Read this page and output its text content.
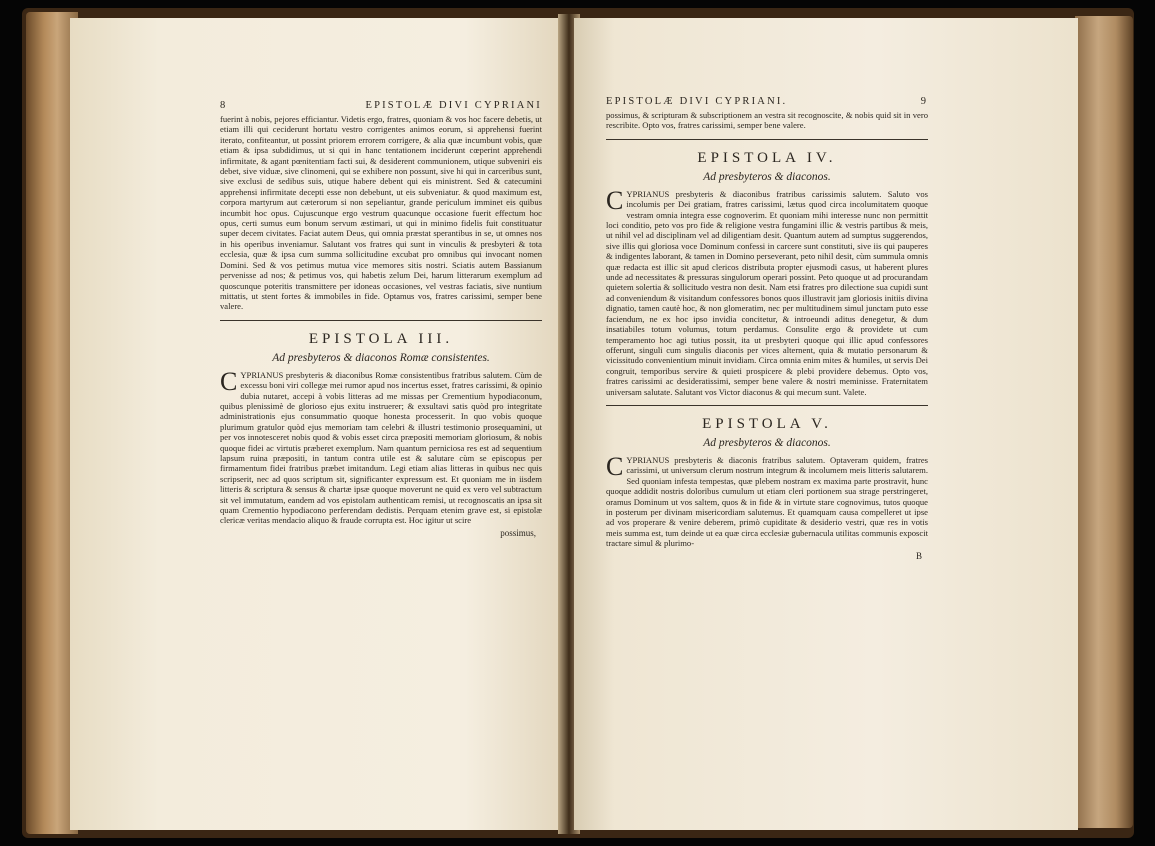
8	EPISTOLÆ DIVI CYPRIANI

fuerint à nobis, pejores efficiantur. Videtis ergo, fratres, quoniam & vos hoc facere debetis, ut etiam illi qui ceciderunt hortatu vestro corrigentes animos eorum, si apprehensi fuerint iterato, confiteantur, ut possint priorem errorem corrigere, & alia quæ incumbunt vobis, quæ etiam & ipsa subdidimus, ut si qui in hanc tentationem inciderunt cœperint apprehendi infirmitate, & agant pœnitentiam facti sui, & desiderent communionem, utique subveniri eis debet, sive viduæ, sive clinomeni, qui se exhibere non possunt, sive hi qui in carceribus sunt, sive exclusi de sedibus suis, utique habere debent qui eis ministrent. Sed & catecumini apprehensi infirmitate decepti esse non debebunt, ut eis subveniatur. & quod maximum est, corpora martyrum aut cæterorum si non sepeliantur, grande periculum imminet eis quibus incumbit hoc opus. Cujuscunque ergo vestrum quacunque occasione fuerit effectum hoc opus, certi sumus eum bonum servum æstimari, ut qui in minimo fidelis fuit constituatur super decem civitates. Faciat autem Deus, qui omnia præstat sperantibus in se, ut omnes nos in his operibus inveniamur. Salutant vos fratres qui sunt in vinculis & presbyteri & tota ecclesia, quæ & ipsa cum summa sollicitudine excubat pro omnibus qui invocant nomen Domini. Sed & vos petimus mutua vice memores sitis nostri. Sciatis autem Bassianum pervenisse ad nos; & petimus vos, qui habetis zelum Dei, harum litterarum exemplum ad quoscunque poteritis transmittere per idoneas occasiones, vel vestras faciatis, sive nuntium mittatis, ut stent fortes & immobiles in fide. Optamus vos, fratres carissimi, semper bene valere.

EPISTOLA III.
Ad presbyteros & diaconos Romæ consistentes.

CYPRIANUS presbyteris & diaconibus Romæ consistentibus fratribus salutem. Cùm de excessu boni viri collegæ mei rumor apud nos incertus esset, fratres carissimi, & opinio dubia nutaret, accepi à vobis litteras ad me missas per Crementium hypodiaconum, quibus plenissimè de glorioso ejus exitu instruerer; & exsultavi satis quòd pro integritate administrationis ejus consummatio quoque honesta processerit. In quo vobis quoque plurimum gratulor quòd ejus memoriam tam celebri & illustri testimonio prosequamini, ut per vos innotesceret nobis quod & vobis esset circa præpositi memoriam gloriosum, & nobis quoque fidei ac virtutis præberet exemplum. Nam quantum perniciosa res est ad sequentium lapsum ruina præpositi, in tantum contra utile est & salutare cùm se episcopus per firmamentum fidei fratribus præbet imitandum. Legi etiam alias litteras in quibus nec quis scripserit, nec ad quos scriptum sit, significanter expressum est. Et quoniam me in iisdem litteris & scriptura & sensus & chartæ ipsæ quoque moverunt ne quid ex vero vel subtractum sit vel immutatum, eandem ad vos epistolam authenticam remisi, ut recognoscatis an ipsa sit quam Crementio hypodiacono perferendam dedistis. Perquam etenim grave est, si epistolæ clericæ veritas mendacio aliquo & fraude corrupta est. Hoc igitur ut scire

possimus,
EPISTOLÆ DIVI CYPRIANI.	9

possimus, & scripturam & subscriptionem an vestra sit recognoscite, & nobis quid sit in vero rescribite. Opto vos, fratres carissimi, semper bene valere.

EPISTOLA IV.
Ad presbyteros & diaconos.

CYPRIANUS presbyteris & diaconibus fratribus carissimis salutem. Saluto vos incolumis per Dei gratiam, fratres carissimi, lætus quod circa incolumitatem quoque vestram omnia integra esse cognoverim. Et quoniam mihi interesse nunc non permittit loci conditio, peto vos pro fide & religione vestra fungamini illic & vestris partibus & meis, ut nihil vel ad disciplinam vel ad diligentiam desit. Quantum autem ad sumptus suggerendos, sive illis qui gloriosa voce Dominum confessi in carcere sunt constituti, sive iis qui pauperes & indigentes laborant, & tamen in Domino perseverant, peto nihil desit, cùm summula omnis quæ redacta est illic sit apud clericos distributa propter ejusmodi casus, ut haberent plures unde ad necessitates & pressuras singulorum operari possint. Peto quoque ut ad procurandam quietem solertia & sollicitudo vestra non desit. Nam etsi fratres pro dilectione sua cupidi sunt ad conveniendum & visitandum confessores bonos quos illustravit jam gloriosis initiis divina dignatio, tamen cautè hoc, & non glomeratim, nec per multitudinem simul junctam puto esse faciendum, ne ex hoc ipso invidia concitetur, & introeundi aditus denegetur, & dum insatiabiles totum volumus, totum perdamus. Consulite ergo & providete ut cum temperamento hoc agi tutius possit, ita ut presbyteri quoque qui illic apud confessores offerunt, singuli cum singulis diaconis per vices alternent, quia & mutatio personarum & vicissitudo convenientium minuit invidiam. Circa omnia enim mites & humiles, ut servis Dei congruit, temporibus servire & quieti prospicere & plebi providere debemus. Opto vos, fratres carissimi ac desideratissimi, semper bene valere & nostri meminisse. Fraternitatem universam salutate. Salutant vos Victor diaconus & qui mecum sunt. Valete.

EPISTOLA V.
Ad presbyteros & diaconos.

CYPRIANUS presbyteris & diaconis fratribus salutem. Optaveram quidem, fratres carissimi, ut universum clerum nostrum integrum & incolumem meis litteris salutarem. Sed quoniam infesta tempestas, quæ plebem nostram ex maxima parte prostravit, hunc quoque addidit nostris doloribus cumulum ut etiam cleri portionem sua strage perstringeret, oramus Dominum ut vos saltem, quos & in fide & in virtute stare cognovimus, tutos quoque in posterum per divinam misericordiam salutemus. Et quamquam causa compelleret ut ipse ad vos properare & venire deberem, primò cupiditate & desiderio vestri, quæ res in votis meis summa est, tum deinde ut ea quæ circa ecclesiæ gubernacula utilitas communis exposcit tractare simul & plurimo-

B
